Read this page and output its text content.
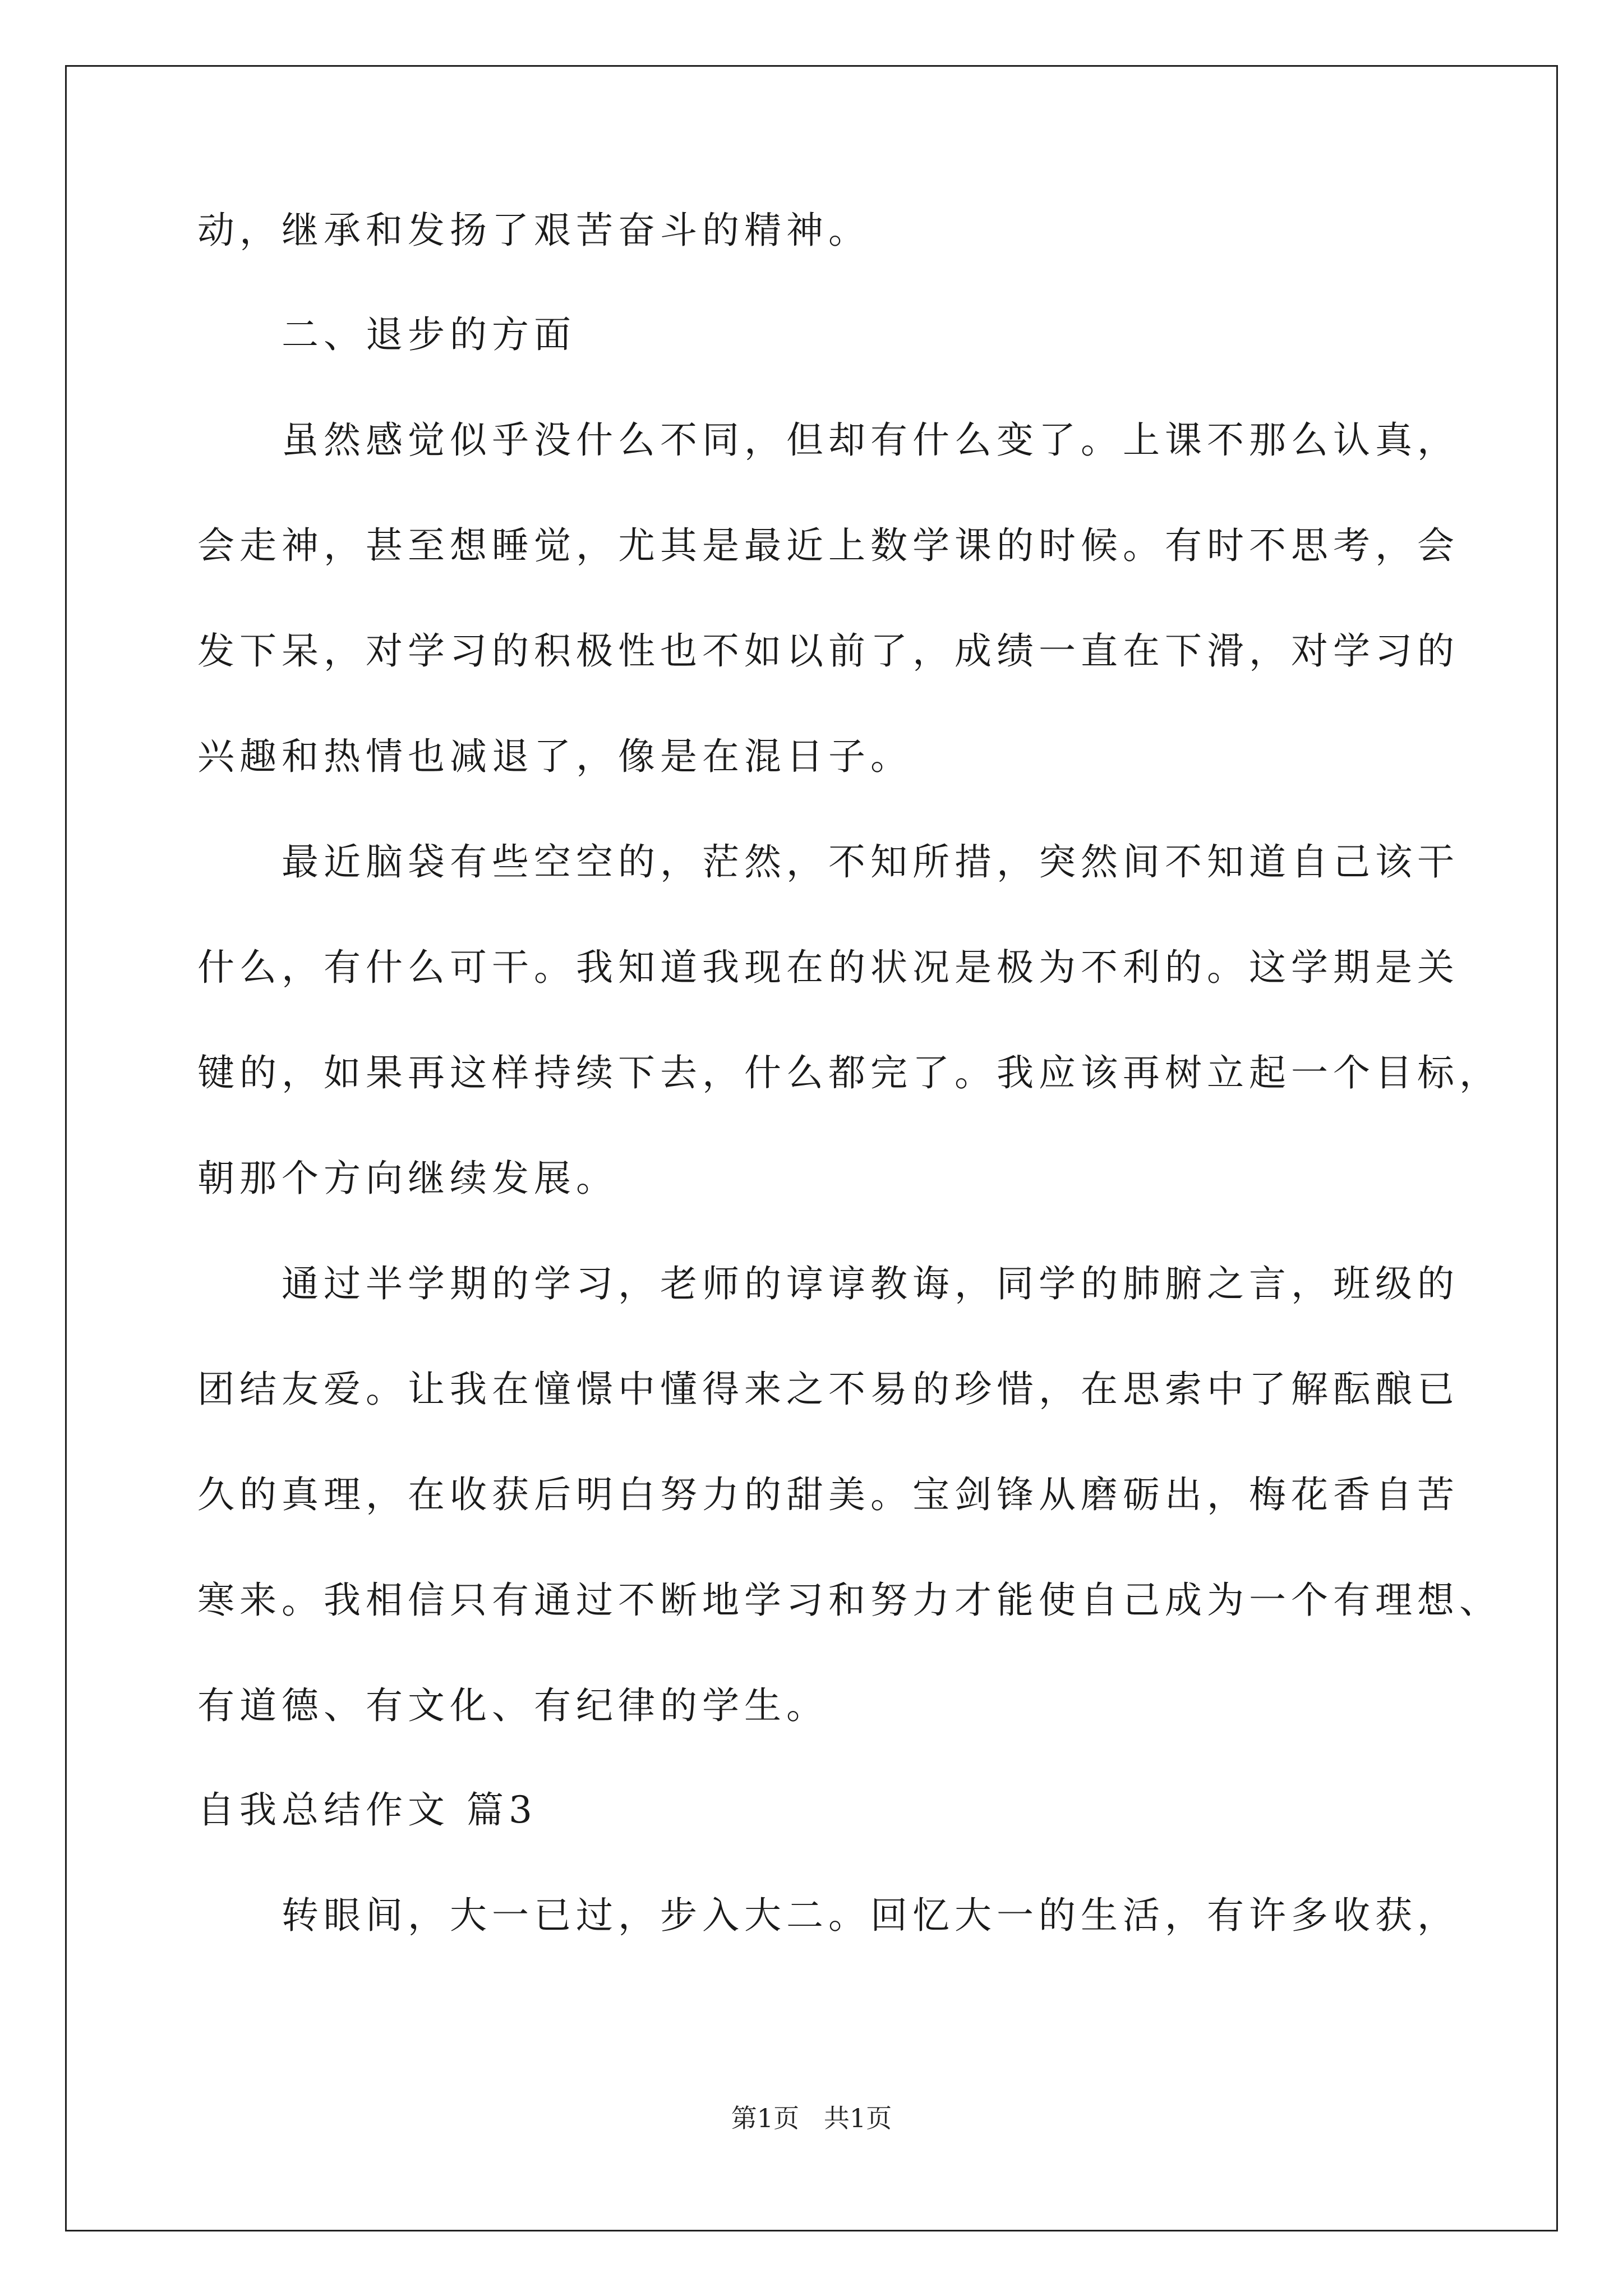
动，继承和发扬了艰苦奋斗的精神。
二、退步的方面
虽然感觉似乎没什么不同，但却有什么变了。上课不那么认真，
会走神，甚至想睡觉，尤其是最近上数学课的时候。有时不思考，会
发下呆，对学习的积极性也不如以前了，成绩一直在下滑，对学习的
兴趣和热情也减退了，像是在混日子。
最近脑袋有些空空的，茫然，不知所措，突然间不知道自己该干
什么，有什么可干。我知道我现在的状况是极为不利的。这学期是关
键的，如果再这样持续下去，什么都完了。我应该再树立起一个目标，
朝那个方向继续发展。
通过半学期的学习，老师的谆谆教诲，同学的肺腑之言，班级的
团结友爱。让我在憧憬中懂得来之不易的珍惜，在思索中了解酝酿已
久的真理，在收获后明白努力的甜美。宝剑锋从磨砺出，梅花香自苦
寒来。我相信只有通过不断地学习和努力才能使自己成为一个有理想、
有道德、有文化、有纪律的学生。
自我总结作文 篇3
转眼间，大一已过，步入大二。回忆大一的生活，有许多收获，
第1页   共1页
